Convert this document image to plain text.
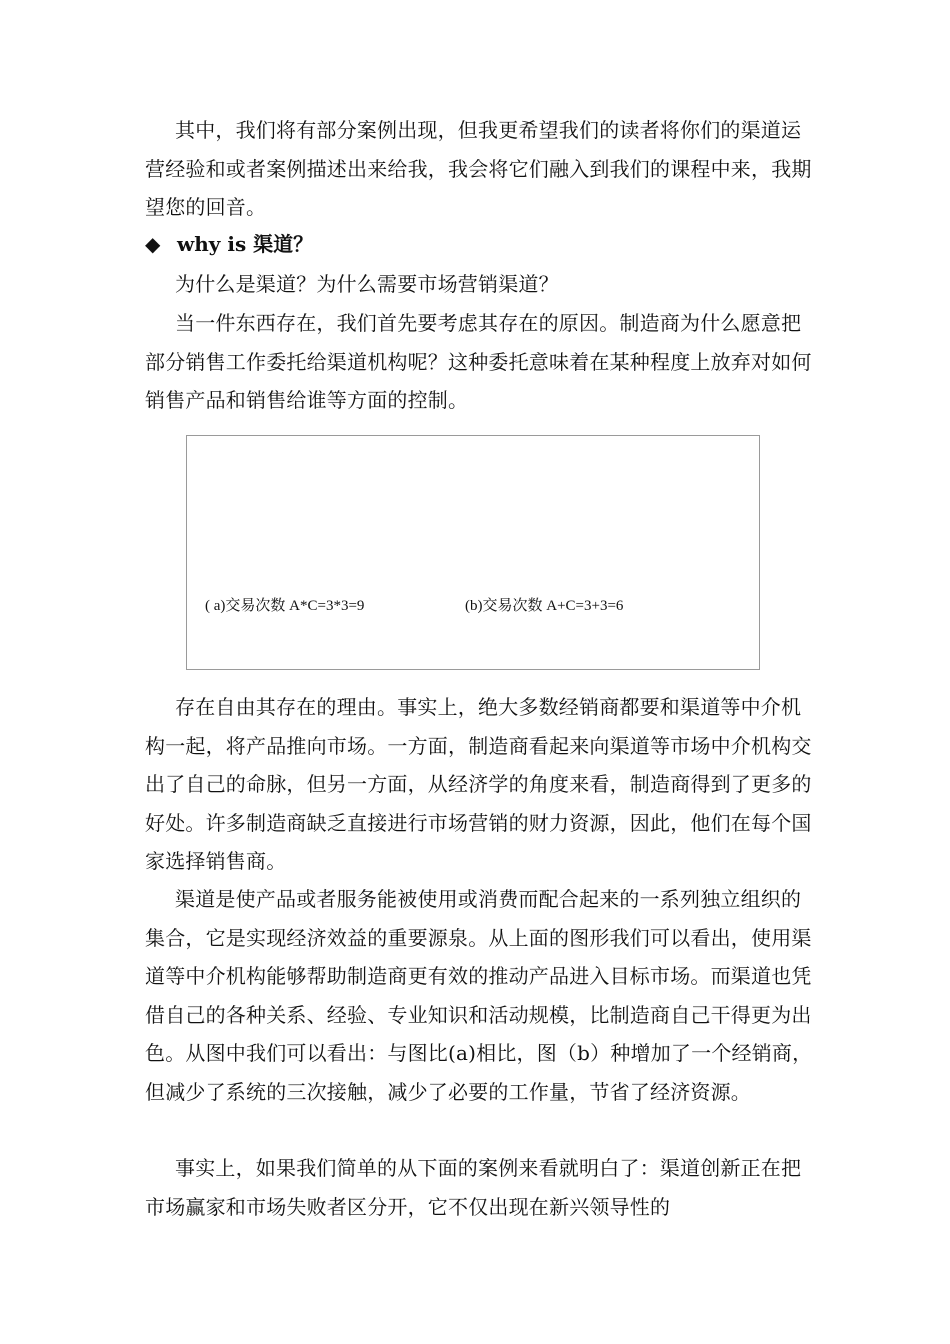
其中，我们将有部分案例出现，但我更希望我们的读者将你们的渠道运营经验和或者案例描述出来给我，我会将它们融入到我们的课程中来，我期望您的回音。

◆ why is 渠道？

为什么是渠道？为什么需要市场营销渠道？

当一件东西存在，我们首先要考虑其存在的原因。制造商为什么愿意把部分销售工作委托给渠道机构呢？这种委托意味着在某种程度上放弃对如何销售产品和销售给谁等方面的控制。

( a)交易次数 A*C=3*3=9	(b)交易次数 A+C=3+3=6

存在自由其存在的理由。事实上，绝大多数经销商都要和渠道等中介机构一起，将产品推向市场。一方面，制造商看起来向渠道等市场中介机构交出了自己的命脉，但另一方面，从经济学的角度来看，制造商得到了更多的好处。许多制造商缺乏直接进行市场营销的财力资源，因此，他们在每个国家选择销售商。

渠道是使产品或者服务能被使用或消费而配合起来的一系列独立组织的集合，它是实现经济效益的重要源泉。从上面的图形我们可以看出，使用渠道等中介机构能够帮助制造商更有效的推动产品进入目标市场。而渠道也凭借自己的各种关系、经验、专业知识和活动规模，比制造商自己干得更为出色。从图中我们可以看出：与图比(a)相比，图（b）种增加了一个经销商，但减少了系统的三次接触，减少了必要的工作量，节省了经济资源。

事实上，如果我们简单的从下面的案例来看就明白了：渠道创新正在把市场赢家和市场失败者区分开，它不仅出现在新兴领导性的
